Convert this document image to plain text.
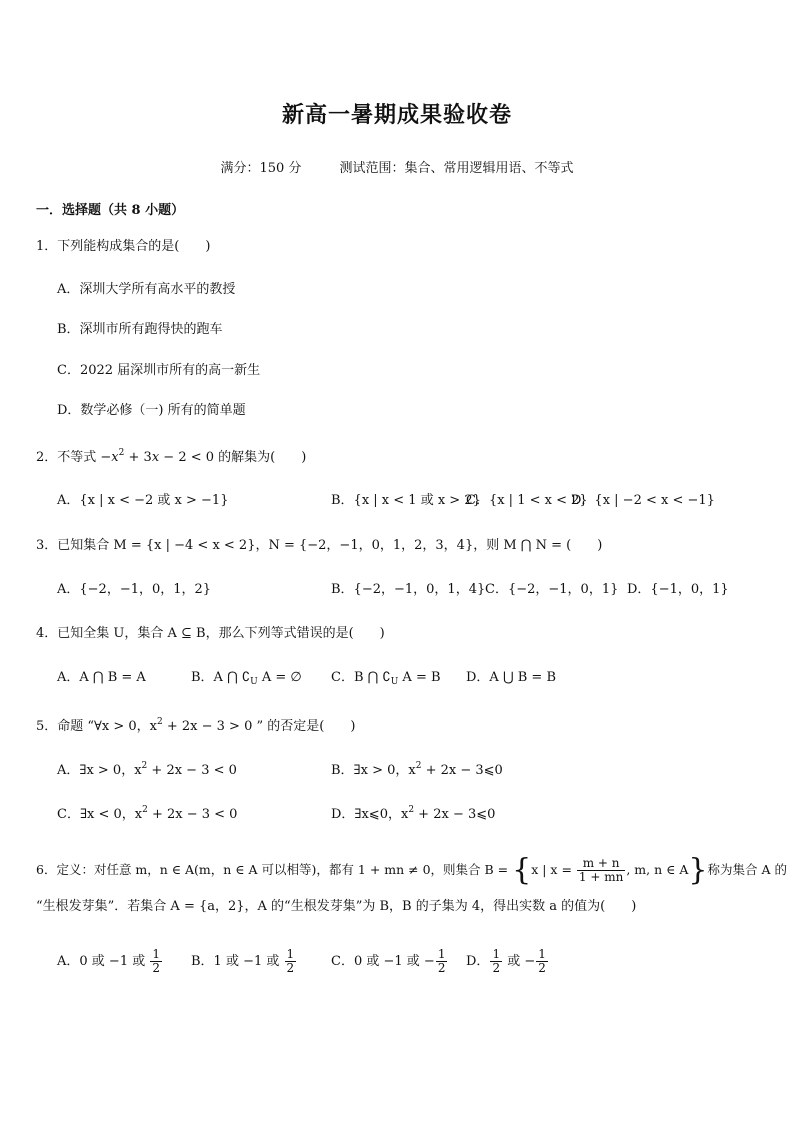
新高一暑期成果验收卷
满分：150 分	测试范围：集合、常用逻辑用语、不等式
一．选择题（共 8 小题）
1．下列能构成集合的是(　　)
A．深圳大学所有高水平的教授
B．深圳市所有跑得快的跑车
C．2022 届深圳市所有的高一新生
D．数学必修（一) 所有的简单题
2．不等式 $-x^2 + 3x - 2 < 0$ 的解集为(　　)
A．{x | x < −2 或 x > −1}	B．{x | x < 1 或 x > 2}
C．{x | 1 < x < 2}
D．{x | −2 < x < −1}
3．已知集合 M = {x | −4 < x < 2}，N = {−2，−1，0，1，2，3，4}，则 M ⋂ N = (　　)
A．{−2，−1，0，1，2}	B．{−2，−1，0，1，4} C．{−2，−1，0，1} D．{−1，0，1}
4．已知全集 U，集合 A ⊆ B，那么下列等式错误的是(　　)
A．A ⋂ B = A	B．A ⋂ $∁_U$ A = ∅ C．B ⋂ $∁_U$ A = B D．A ⋃ B = B
5．命题 “∀x > 0，$x^2 + 2x - 3 > 0$ ” 的否定是(　　)
A．∃x > 0，$x^2 + 2x - 3 < 0$	B．∃x > 0，$x^2 + 2x$ − 3⩽0
C．∃x < 0，$x^2 + 2x - 3 < 0$	D．∃x⩽0，$x^2 + 2x$ − 3⩽0
6．定义：对任意 m，n ∈ A(m，n ∈ A 可以相等)，都有 1 + mn ≠ 0，则集合 B = {x | $x = \frac{m + n}{1 + mn}$ , m, n ∈ A}称为集合 A 的
“生根发芽集”．若集合 A = {a，2}，A 的“生根发芽集”为 B，B 的子集为 4，得出实数 a 的值为(　　)
A．0 或 −1 或 $\frac{1}{2}$ B．1 或 −1 或 $\frac{1}{2}$	C．0 或 −1 或 − $\frac{1}{2}$ D． $\frac{1}{2}$ 或 − $\frac{1}{2}$
